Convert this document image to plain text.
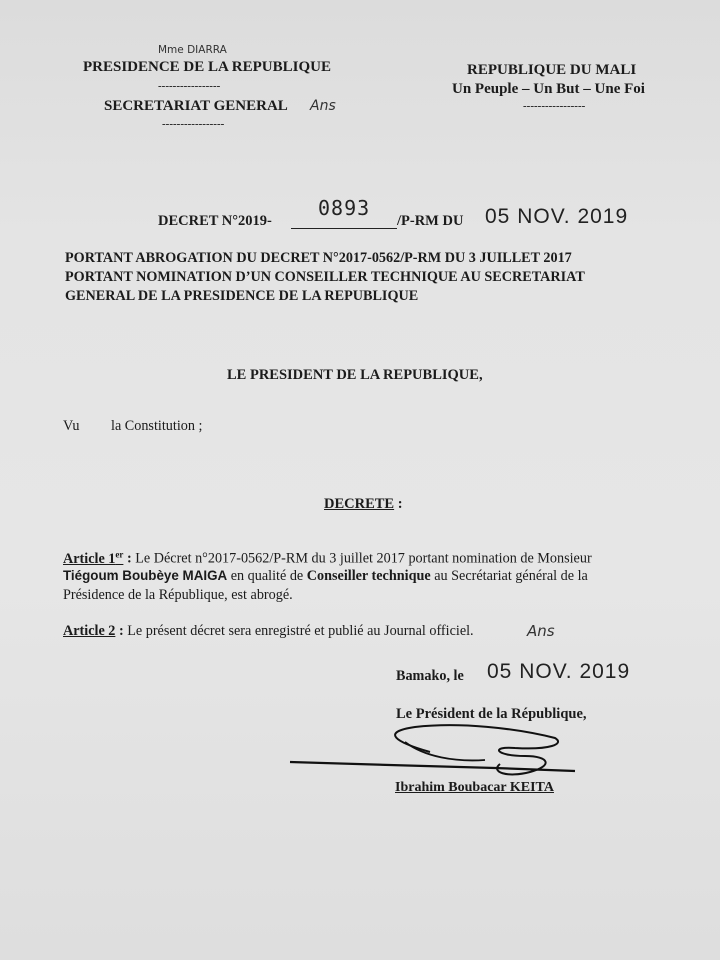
Mme DIARRA
PRESIDENCE DE LA REPUBLIQUE
-----------------
SECRETARIAT GENERAL Ans
-----------------
REPUBLIQUE DU MALI
Un Peuple – Un But – Une Foi
-----------------
DECRET N°2019-
0893
/P-RM DU 05 NOV. 2019
PORTANT ABROGATION DU DECRET N°2017-0562/P-RM DU 3 JUILLET 2017
PORTANT NOMINATION D’UN CONSEILLER TECHNIQUE AU SECRETARIAT
GENERAL DE LA PRESIDENCE DE LA REPUBLIQUE
LE PRESIDENT DE LA REPUBLIQUE,
Vu la Constitution ;
DECRETE :
Article 1er : Le Décret n°2017-0562/P-RM du 3 juillet 2017 portant nomination de Monsieur
Tiégoum Boubèye MAIGA en qualité de Conseiller technique au Secrétariat général de la
Présidence de la République, est abrogé.
Article 2 : Le présent décret sera enregistré et publié au Journal officiel.	Ans
Bamako, le 05 NOV. 2019
Le Président de la République,
Ibrahim Boubacar KEITA
